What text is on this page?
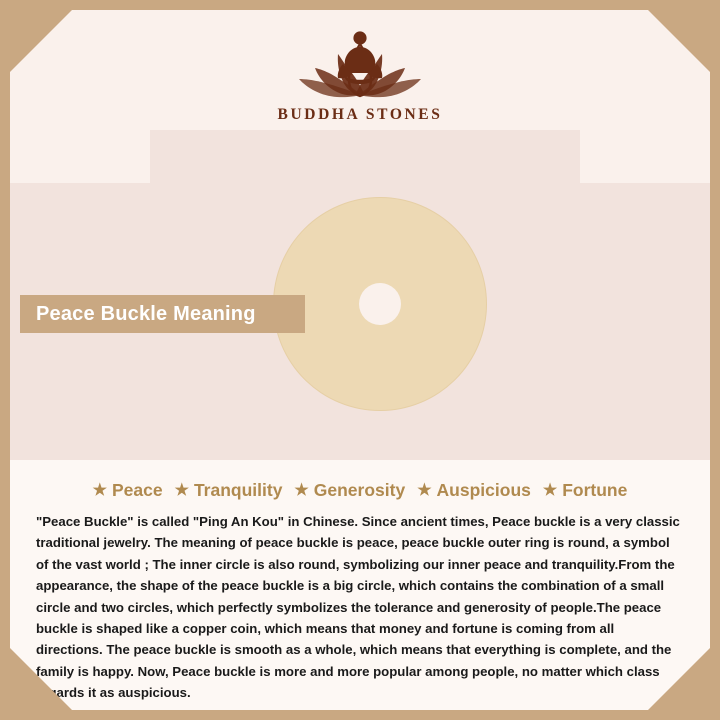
BUDDHA STONES
Peace Buckle Meaning
★ Peace ★ Tranquility ★ Generosity ★ Auspicious ★ Fortune

"Peace Buckle" is called "Ping An Kou" in Chinese. Since ancient times, Peace buckle is a very classic traditional jewelry. The meaning of peace buckle is peace, peace buckle outer ring is round, a symbol of the vast world ; The inner circle is also round, symbolizing our inner peace and tranquility.From the appearance, the shape of the peace buckle is a big circle, which contains the combination of a small circle and two circles, which perfectly symbolizes the tolerance and generosity of people.The peace buckle is shaped like a copper coin, which means that money and fortune is coming from all directions. The peace buckle is smooth as a whole, which means that everything is complete, and the family is happy. Now, Peace buckle is more and more popular among people, no matter which class regards it as auspicious.
